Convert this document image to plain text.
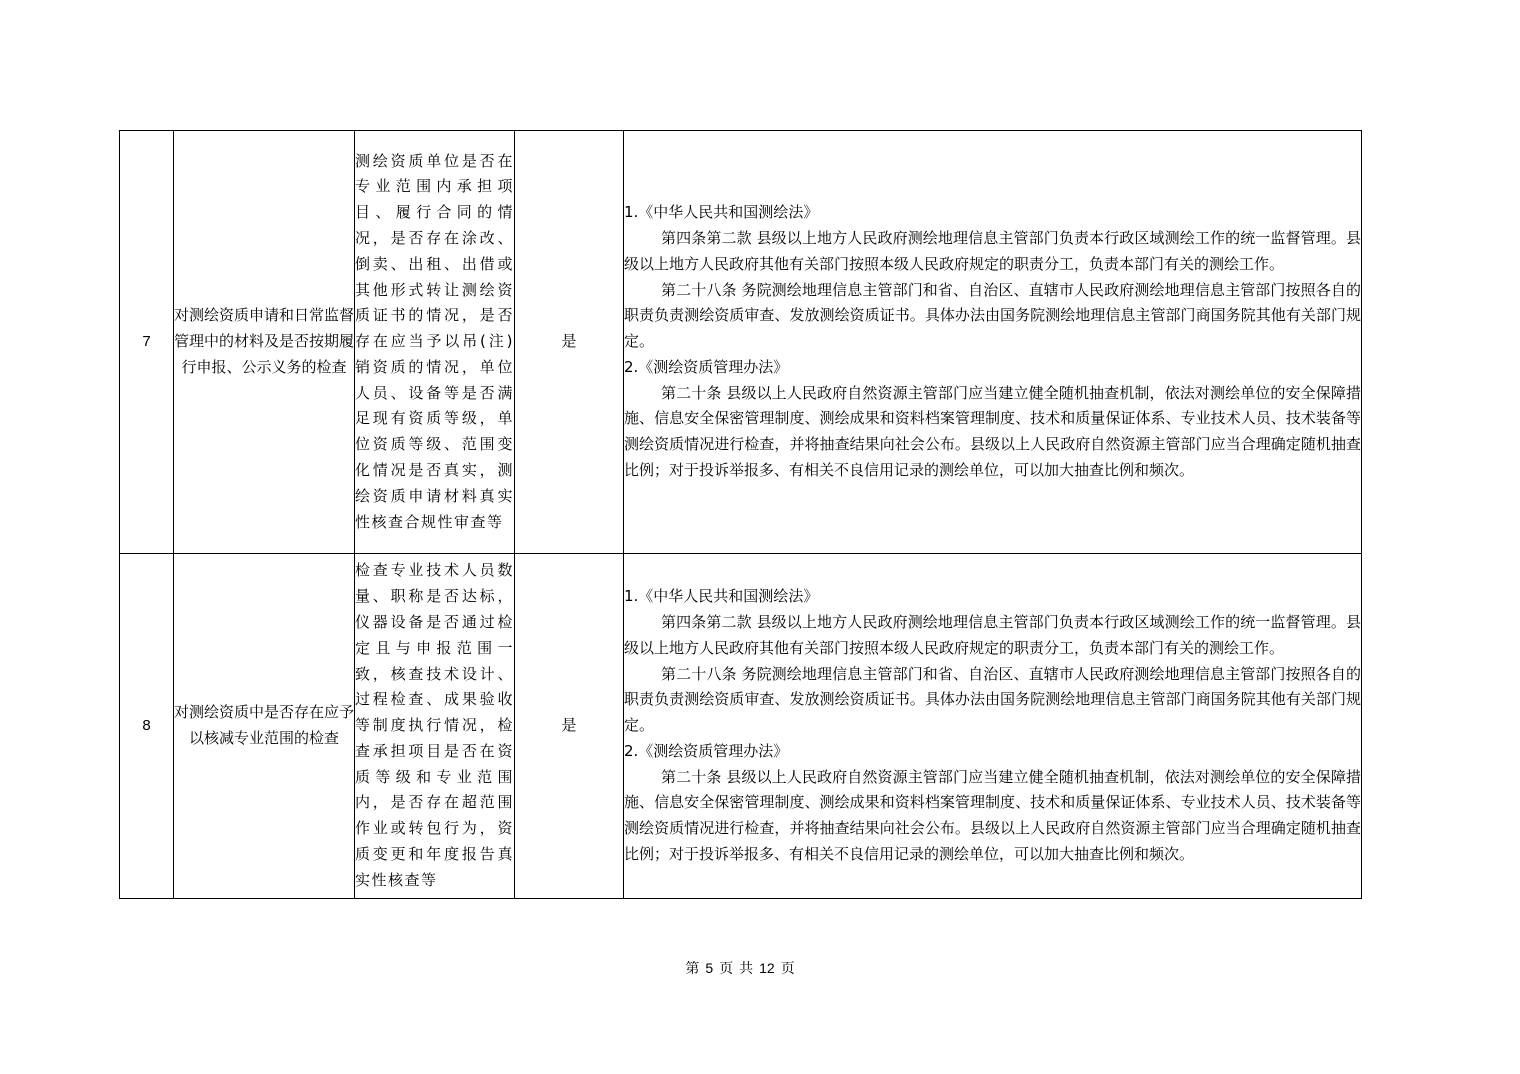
7	对测绘资质申请和日常监督管理中的材料及是否按期履行申报、公示义务的检查	测绘资质单位是否在专业范围内承担项目、履行合同的情况，是否存在涂改、倒卖、出租、出借或其他形式转让测绘资质证书的情况，是否存在应当予以吊(注)销资质的情况，单位人员、设备等是否满足现有资质等级，单位资质等级、范围变化情况是否真实，测绘资质申请材料真实性核查合规性审查等	是	1.《中华人民共和国测绘法》

第四条第二款 县级以上地方人民政府测绘地理信息主管部门负责本行政区域测绘工作的统一监督管理。县级以上地方人民政府其他有关部门按照本级人民政府规定的职责分工，负责本部门有关的测绘工作。

第二十八条 务院测绘地理信息主管部门和省、自治区、直辖市人民政府测绘地理信息主管部门按照各自的职责负责测绘资质审查、发放测绘资质证书。具体办法由国务院测绘地理信息主管部门商国务院其他有关部门规定。

2.《测绘资质管理办法》

第二十条 县级以上人民政府自然资源主管部门应当建立健全随机抽查机制，依法对测绘单位的安全保障措施、信息安全保密管理制度、测绘成果和资料档案管理制度、技术和质量保证体系、专业技术人员、技术装备等测绘资质情况进行检查，并将抽查结果向社会公布。县级以上人民政府自然资源主管部门应当合理确定随机抽查比例；对于投诉举报多、有相关不良信用记录的测绘单位，可以加大抽查比例和频次。

8	对测绘资质中是否存在应予以核减专业范围的检查	检查专业技术人员数量、职称是否达标，仪器设备是否通过检定且与申报范围一致，核查技术设计、过程检查、成果验收等制度执行情况，检查承担项目是否在资质等级和专业范围内，是否存在超范围作业或转包行为，资质变更和年度报告真实性核查等	是	1.《中华人民共和国测绘法》

第四条第二款 县级以上地方人民政府测绘地理信息主管部门负责本行政区域测绘工作的统一监督管理。县级以上地方人民政府其他有关部门按照本级人民政府规定的职责分工，负责本部门有关的测绘工作。

第二十八条 务院测绘地理信息主管部门和省、自治区、直辖市人民政府测绘地理信息主管部门按照各自的职责负责测绘资质审查、发放测绘资质证书。具体办法由国务院测绘地理信息主管部门商国务院其他有关部门规定。

2.《测绘资质管理办法》

第二十条 县级以上人民政府自然资源主管部门应当建立健全随机抽查机制，依法对测绘单位的安全保障措施、信息安全保密管理制度、测绘成果和资料档案管理制度、技术和质量保证体系、专业技术人员、技术装备等测绘资质情况进行检查，并将抽查结果向社会公布。县级以上人民政府自然资源主管部门应当合理确定随机抽查比例；对于投诉举报多、有相关不良信用记录的测绘单位，可以加大抽查比例和频次。

第 5 页 共 12 页
